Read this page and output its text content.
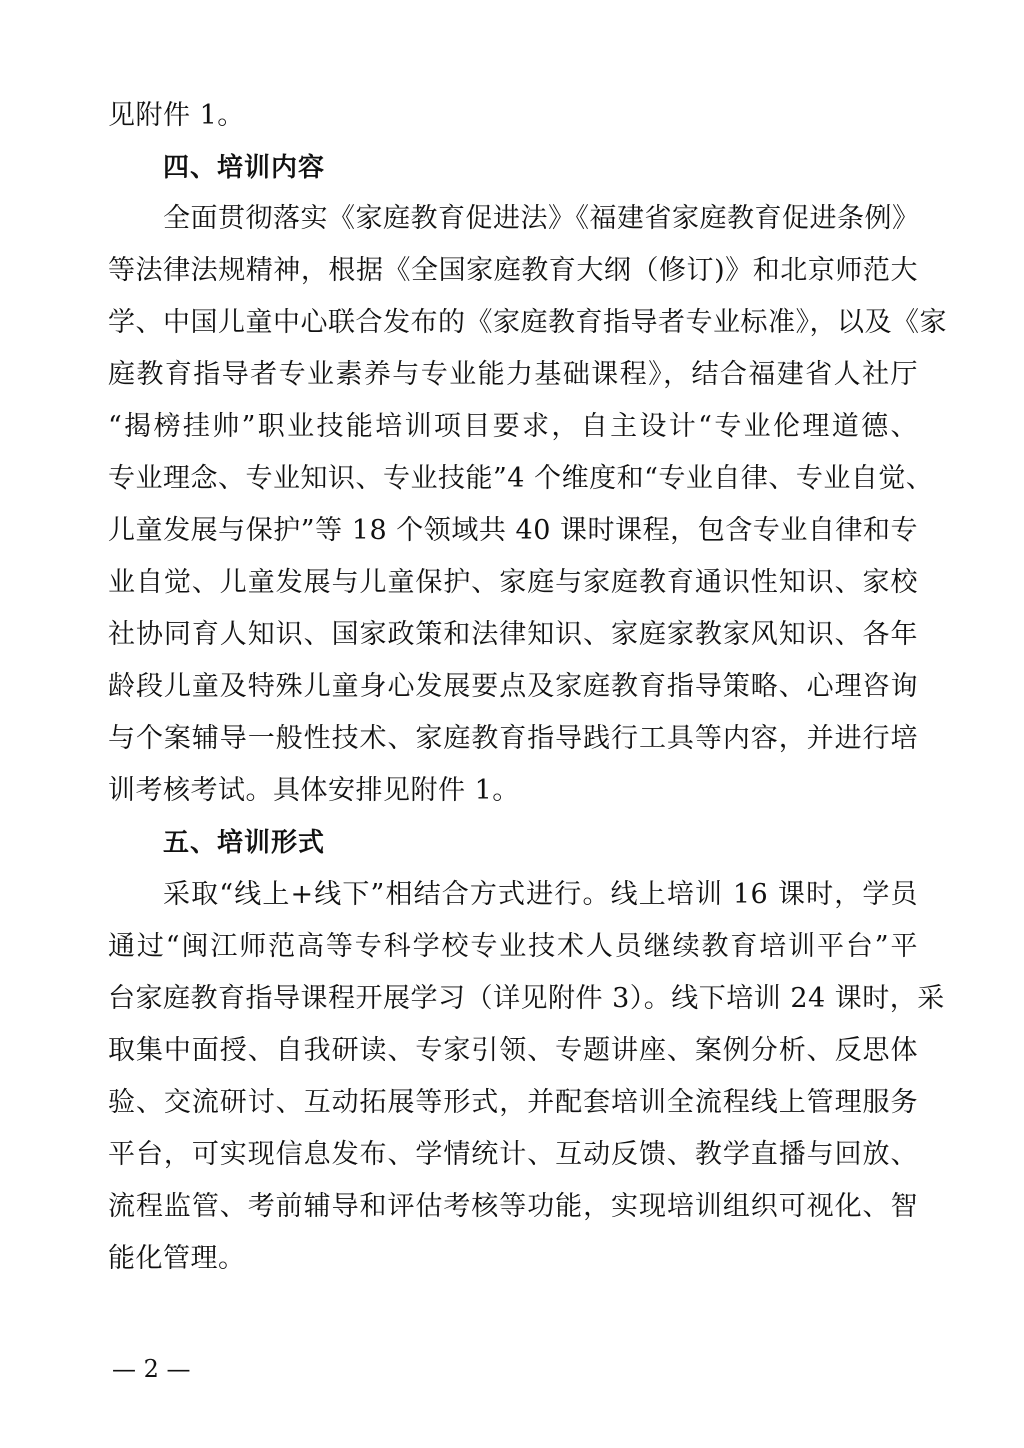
见附件 1。
四、培训内容
全面贯彻落实《家庭教育促进法》《福建省家庭教育促进条例》
等法律法规精神，根据《全国家庭教育大纲（修订)》和北京师范大
学、中国儿童中心联合发布的《家庭教育指导者专业标准》，以及《家
庭教育指导者专业素养与专业能力基础课程》，结合福建省人社厅
“揭榜挂帅”职业技能培训项目要求，自主设计“专业伦理道德、
专业理念、专业知识、专业技能”4 个维度和“专业自律、专业自觉、
儿童发展与保护”等 18 个领域共 40 课时课程，包含专业自律和专
业自觉、儿童发展与儿童保护、家庭与家庭教育通识性知识、家校
社协同育人知识、国家政策和法律知识、家庭家教家风知识、各年
龄段儿童及特殊儿童身心发展要点及家庭教育指导策略、心理咨询
与个案辅导一般性技术、家庭教育指导践行工具等内容，并进行培
训考核考试。具体安排见附件 1。
五、培训形式
采取“线上+线下”相结合方式进行。线上培训 16 课时，学员
通过“闽江师范高等专科学校专业技术人员继续教育培训平台”平
台家庭教育指导课程开展学习（详见附件 3）。线下培训 24 课时，采
取集中面授、自我研读、专家引领、专题讲座、案例分析、反思体
验、交流研讨、互动拓展等形式，并配套培训全流程线上管理服务
平台，可实现信息发布、学情统计、互动反馈、教学直播与回放、
流程监管、考前辅导和评估考核等功能，实现培训组织可视化、智
能化管理。
— 2 —
